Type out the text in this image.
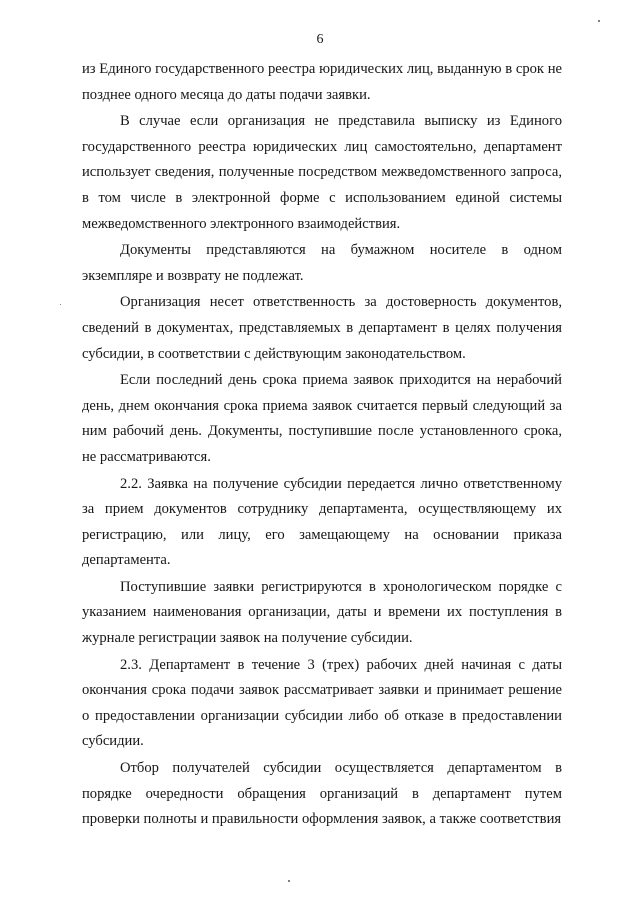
6

из Единого государственного реестра юридических лиц, выданную в срок не позднее одного месяца до даты подачи заявки.

В случае если организация не представила выписку из Единого государственного реестра юридических лиц самостоятельно, департамент использует сведения, полученные посредством межведомственного запроса, в том числе в электронной форме с использованием единой системы межведомственного электронного взаимодействия.

Документы представляются на бумажном носителе в одном экземпляре и возврату не подлежат.

Организация несет ответственность за достоверность документов, сведений в документах, представляемых в департамент в целях получения субсидии, в соответствии с действующим законодательством.

Если последний день срока приема заявок приходится на нерабочий день, днем окончания срока приема заявок считается первый следующий за ним рабочий день. Документы, поступившие после установленного срока, не рассматриваются.

2.2. Заявка на получение субсидии передается лично ответственному за прием документов сотруднику департамента, осуществляющему их регистрацию, или лицу, его замещающему на основании приказа департамента.

Поступившие заявки регистрируются в хронологическом порядке с указанием наименования организации, даты и времени их поступления в журнале регистрации заявок на получение субсидии.

2.3. Департамент в течение 3 (трех) рабочих дней начиная с даты окончания срока подачи заявок рассматривает заявки и принимает решение о предоставлении организации субсидии либо об отказе в предоставлении субсидии.

Отбор получателей субсидии осуществляется департаментом в порядке очередности обращения организаций в департамент путем проверки полноты и правильности оформления заявок, а также соответствия
